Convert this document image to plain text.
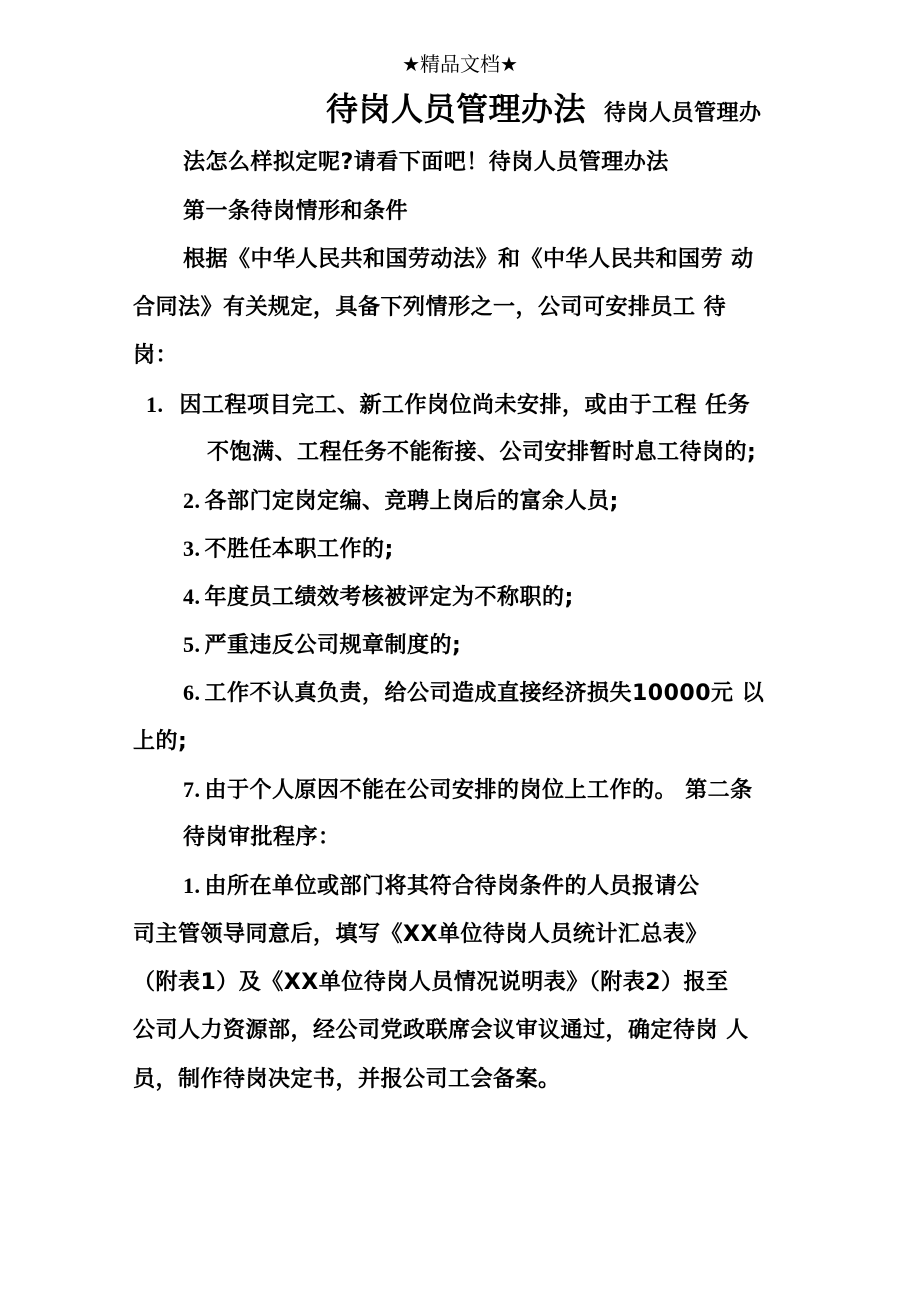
★精品文档★
待岗人员管理办法 待岗人员管理办
法怎么样拟定呢?请看下面吧！待岗人员管理办法
第一条待岗情形和条件
根据《中华人民共和国劳动法》和《中华人民共和国劳 动
合同法》有关规定，具备下列情形之一，公司可安排员工 待
岗：
1. 因工程项目完工、新工作岗位尚未安排，或由于工程 任务
不饱满、工程任务不能衔接、公司安排暂时息工待岗的;
2. 各部门定岗定编、竞聘上岗后的富余人员;
3. 不胜任本职工作的;
4. 年度员工绩效考核被评定为不称职的;
5. 严重违反公司规章制度的;
6. 工作不认真负责，给公司造成直接经济损失10000元 以
上的;
7. 由于个人原因不能在公司安排的岗位上工作的。 第二条
待岗审批程序：
1. 由所在单位或部门将其符合待岗条件的人员报请公
司主管领导同意后，填写《XX单位待岗人员统计汇总表》
（附表1）及《XX单位待岗人员情况说明表》（附表2）报至
公司人力资源部，经公司党政联席会议审议通过，确定待岗 人
员，制作待岗决定书，并报公司工会备案。
